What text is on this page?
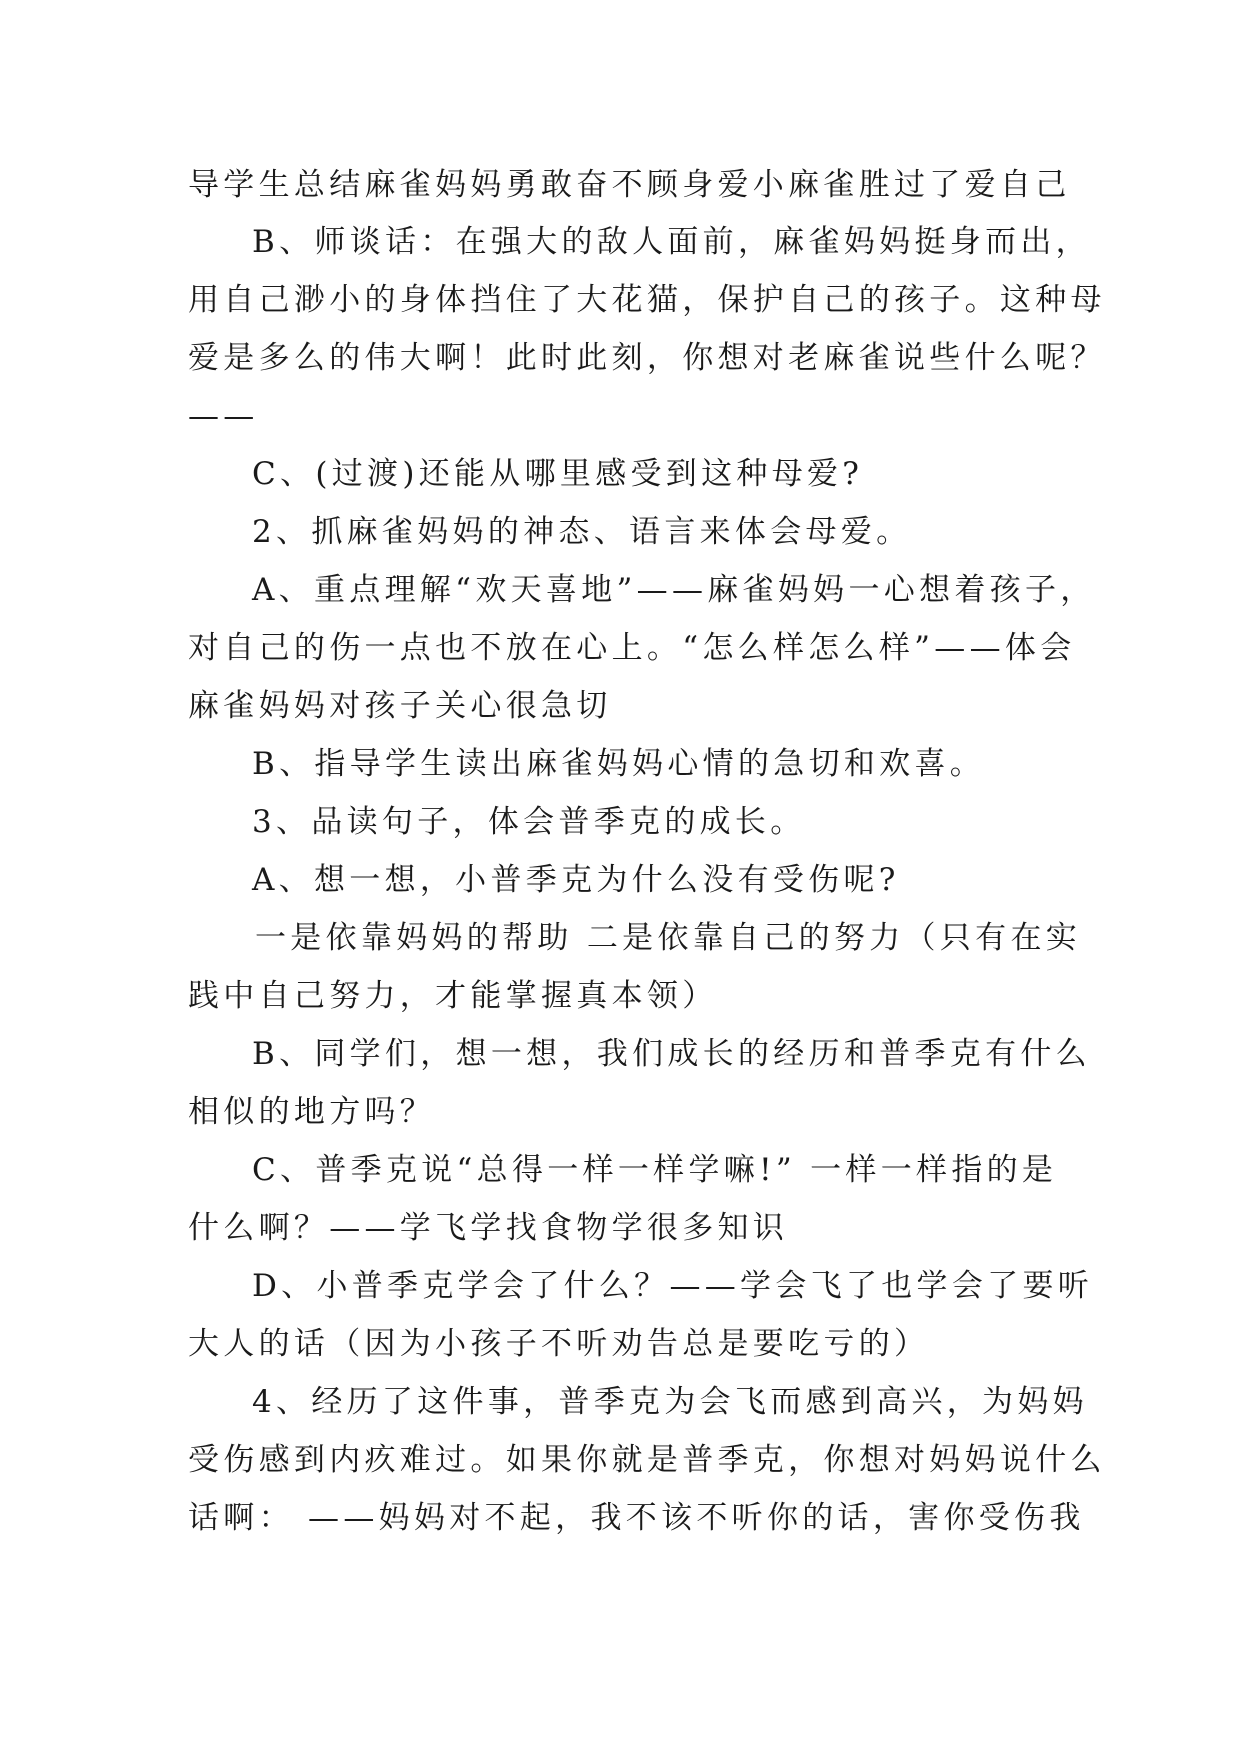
导学生总结麻雀妈妈勇敢奋不顾身爱小麻雀胜过了爱自己
B、师谈话：在强大的敌人面前，麻雀妈妈挺身而出，
用自己渺小的身体挡住了大花猫，保护自己的孩子。这种母
爱是多么的伟大啊！此时此刻，你想对老麻雀说些什么呢？
——
C、(过渡)还能从哪里感受到这种母爱?
2、抓麻雀妈妈的神态、语言来体会母爱。
A、重点理解“欢天喜地”——麻雀妈妈一心想着孩子，
对自己的伤一点也不放在心上。“怎么样怎么样”——体会
麻雀妈妈对孩子关心很急切
B、指导学生读出麻雀妈妈心情的急切和欢喜。
3、品读句子，体会普季克的成长。
A、想一想，小普季克为什么没有受伤呢?
一是依靠妈妈的帮助 二是依靠自己的努力（只有在实
践中自己努力，才能掌握真本领）
B、同学们，想一想，我们成长的经历和普季克有什么
相似的地方吗？
C、普季克说“总得一样一样学嘛!” 一样一样指的是
什么啊？——学飞学找食物学很多知识
D、小普季克学会了什么？——学会飞了也学会了要听
大人的话（因为小孩子不听劝告总是要吃亏的）
4、经历了这件事，普季克为会飞而感到高兴，为妈妈
受伤感到内疚难过。如果你就是普季克，你想对妈妈说什么
话啊： ——妈妈对不起，我不该不听你的话，害你受伤我
